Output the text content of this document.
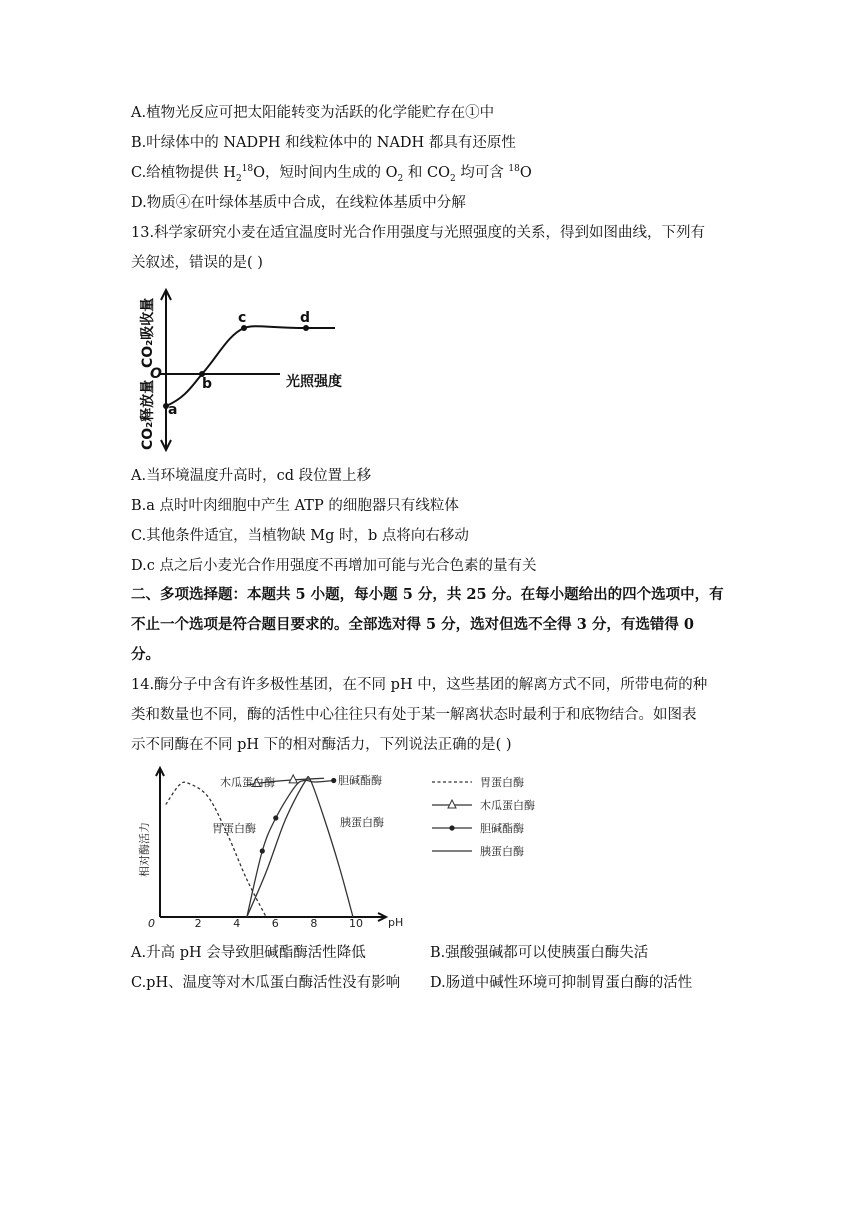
A.植物光反应可把太阳能转变为活跃的化学能贮存在①中
B.叶绿体中的 NADPH 和线粒体中的 NADH 都具有还原性
C.给植物提供 $H_2^{18}O$，短时间内生成的 $O_2$ 和 $CO_2$ 均可含 $^{18}$O
D.物质④在叶绿体基质中合成，在线粒体基质中分解
13.科学家研究小麦在适宜温度时光合作用强度与光照强度的关系，得到如图曲线，下列有
关叙述，错误的是( )
a
b
c	d
O	光照强度
CO₂吸收量
CO₂释放量
A.当环境温度升高时，cd 段位置上移
B.a 点时叶肉细胞中产生 ATP 的细胞器只有线粒体
C.其他条件适宜，当植物缺 Mg 时，b 点将向右移动
D.c 点之后小麦光合作用强度不再增加可能与光合色素的量有关
二、多项选择题：本题共 5 小题，每小题 5 分，共 25 分。在每小题给出的四个选项中，有
不止一个选项是符合题目要求的。全部选对得 5 分，选对但选不全得 3 分，有选错得 0
分。
14.酶分子中含有许多极性基团，在不同 pH 中，这些基团的解离方式不同，所带电荷的种
类和数量也不同，酶的活性中心往往只有处于某一解离状态时最利于和底物结合。如图表
示不同酶在不同 pH 下的相对酶活力，下列说法正确的是( )
pH
相对酶活力
0	2	4	6	8	10
木瓜蛋白酶	胆碱酯酶
胃蛋白酶	胰蛋白酶
胃蛋白酶
木瓜蛋白酶
胆碱酯酶
胰蛋白酶
A.升高 pH 会导致胆碱酯酶活性降低	B.强酸强碱都可以使胰蛋白酶失活
C.pH、温度等对木瓜蛋白酶活性没有影响 D.肠道中碱性环境可抑制胃蛋白酶的活性
